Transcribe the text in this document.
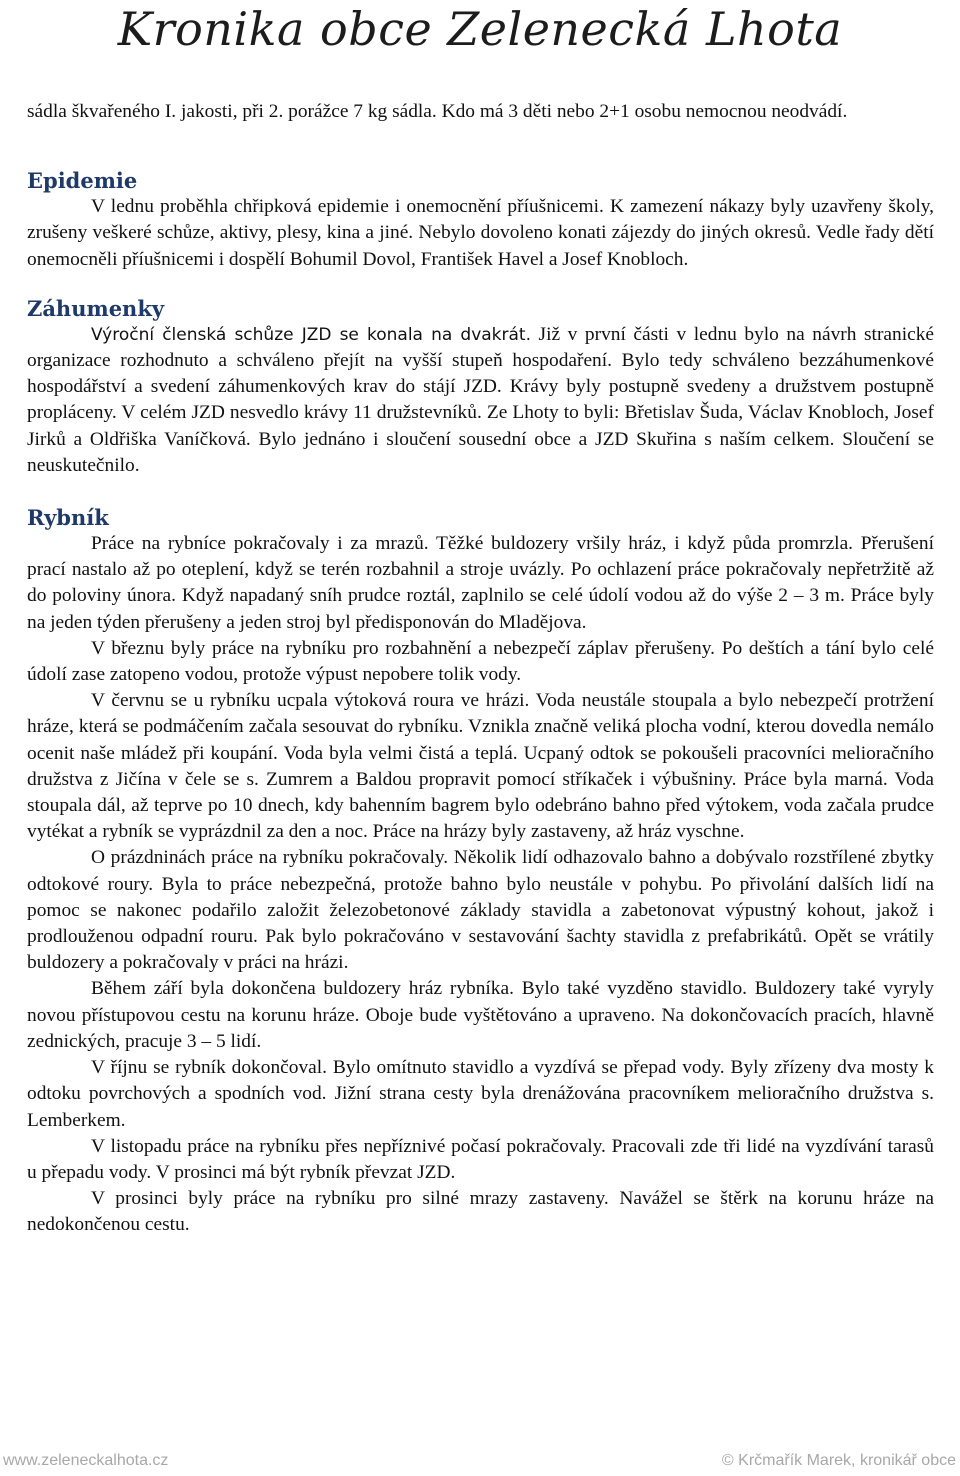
Kronika obce Zelenecká Lhota

sádla škvařeného I. jakosti, při 2. porážce 7 kg sádla. Kdo má 3 děti nebo 2+1 osobu nemocnou neodvádí.

Epidemie

V lednu proběhla chřipková epidemie i onemocnění příušnicemi. K zamezení nákazy byly uzavřeny školy, zrušeny veškeré schůze, aktivy, plesy, kina a jiné. Nebylo dovoleno konati zájezdy do jiných okresů. Vedle řady dětí onemocněli příušnicemi i dospělí Bohumil Dovol, František Havel a Josef Knobloch.

Záhumenky

Výroční členská schůze JZD se konala na dvakrát. Již v první části v lednu bylo na návrh stranické organizace rozhodnuto a schváleno přejít na vyšší stupeň hospodaření. Bylo tedy schváleno bezzáhumenkové hospodářství a svedení záhumenkových krav do stájí JZD. Krávy byly postupně svedeny a družstvem postupně propláceny. V celém JZD nesvedlo krávy 11 družstevníků. Ze Lhoty to byli: Břetislav Šuda, Václav Knobloch, Josef Jirků a Oldřiška Vaníčková. Bylo jednáno i sloučení sousední obce a JZD Skuřina s naším celkem. Sloučení se neuskutečnilo.

Rybník

Práce na rybníce pokračovaly i za mrazů. Těžké buldozery vršily hráz, i když půda promrzla. Přerušení prací nastalo až po oteplení, když se terén rozbahnil a stroje uvázly. Po ochlazení práce pokračovaly nepřetržitě až do poloviny února. Když napadaný sníh prudce roztál, zaplnilo se celé údolí vodou až do výše 2 – 3 m. Práce byly na jeden týden přerušeny a jeden stroj byl předisponován do Mladějova.

V březnu byly práce na rybníku pro rozbahnění a nebezpečí záplav přerušeny. Po deštích a tání bylo celé údolí zase zatopeno vodou, protože výpust nepobere tolik vody.

V červnu se u rybníku ucpala výtoková roura ve hrázi. Voda neustále stoupala a bylo nebezpečí protržení hráze, která se podmáčením začala sesouvat do rybníku. Vznikla značně veliká plocha vodní, kterou dovedla nemálo ocenit naše mládež při koupání. Voda byla velmi čistá a teplá. Ucpaný odtok se pokoušeli pracovníci melioračního družstva z Jičína v čele se s. Zumrem a Baldou propravit pomocí stříkaček i výbušniny. Práce byla marná. Voda stoupala dál, až teprve po 10 dnech, kdy bahenním bagrem bylo odebráno bahno před výtokem, voda začala prudce vytékat a rybník se vyprázdnil za den a noc. Práce na hrázy byly zastaveny, až hráz vyschne.

O prázdninách práce na rybníku pokračovaly. Několik lidí odhazovalo bahno a dobývalo rozstřílené zbytky odtokové roury. Byla to práce nebezpečná, protože bahno bylo neustále v pohybu. Po přivolání dalších lidí na pomoc se nakonec podařilo založit železobetonové základy stavidla a zabetonovat výpustný kohout, jakož i prodlouženou odpadní rouru. Pak bylo pokračováno v sestavování šachty stavidla z prefabrikátů. Opět se vrátily buldozery a pokračovaly v práci na hrázi.

Během září byla dokončena buldozery hráz rybníka. Bylo také vyzděno stavidlo. Buldozery také vyryly novou přístupovou cestu na korunu hráze. Oboje bude vyštětováno a upraveno. Na dokončovacích pracích, hlavně zednických, pracuje 3 – 5 lidí.

V říjnu se rybník dokončoval. Bylo omítnuto stavidlo a vyzdívá se přepad vody. Byly zřízeny dva mosty k odtoku povrchových a spodních vod. Jižní strana cesty byla drenážována pracovníkem melioračního družstva s. Lemberkem.

V listopadu práce na rybníku přes nepříznivé počasí pokračovaly. Pracovali zde tři lidé na vyzdívání tarasů u přepadu vody. V prosinci má být rybník převzat JZD.

V prosinci byly práce na rybníku pro silné mrazy zastaveny. Navážel se štěrk na korunu hráze na nedokončenou cestu.

www.zeleneckalhota.cz	© Krčmařík Marek, kronikář obce
